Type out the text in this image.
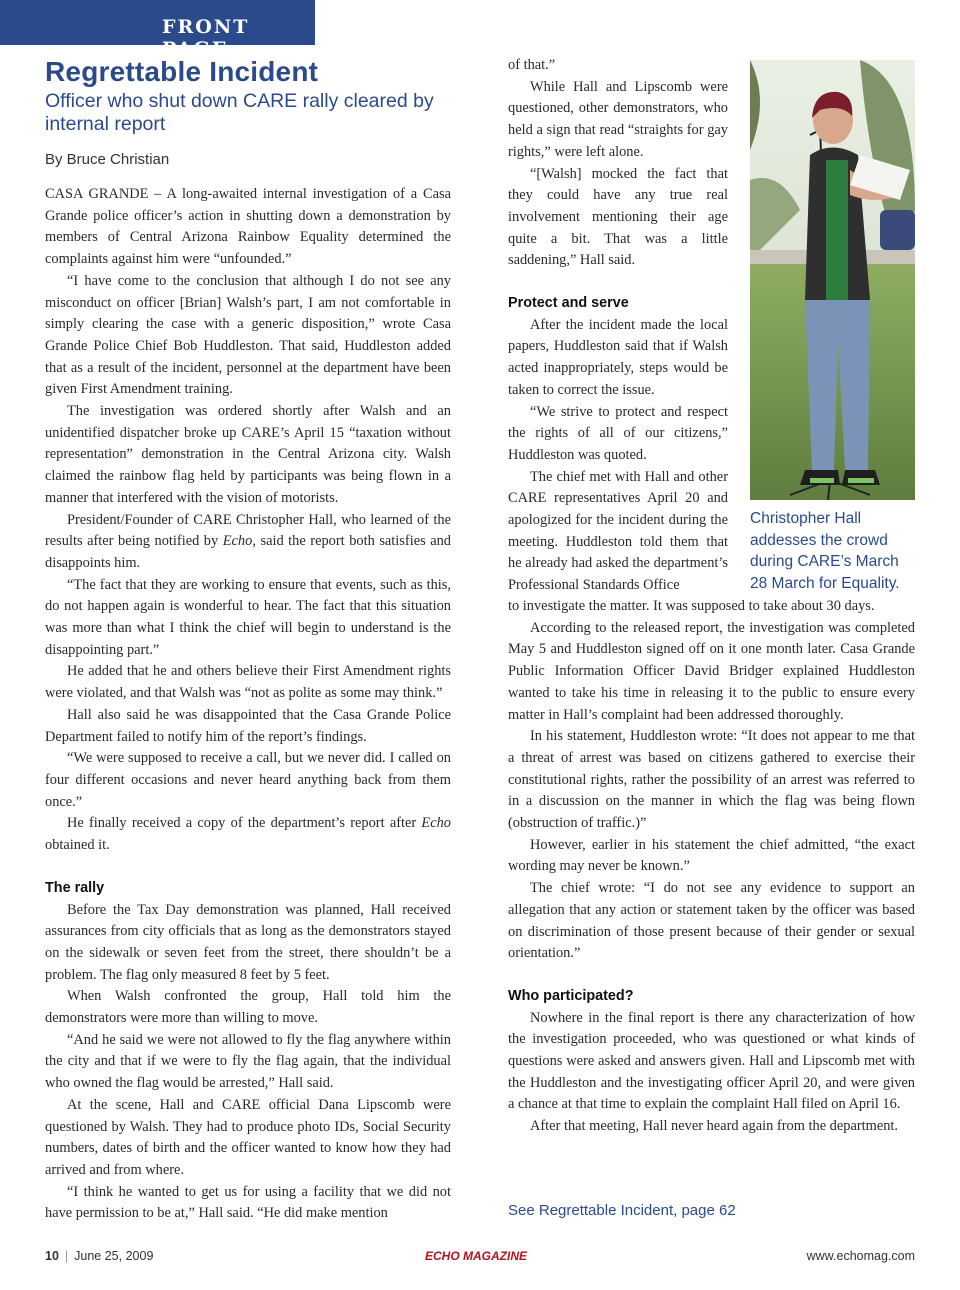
FRONT PAGE
Regrettable Incident
Officer who shut down CARE rally cleared by internal report
By Bruce Christian

CASA GRANDE – A long-awaited internal investigation of a Casa Grande police officer’s action in shutting down a demonstration by members of Central Arizona Rainbow Equality determined the complaints against him were “unfounded.”

“I have come to the conclusion that although I do not see any misconduct on officer [Brian] Walsh’s part, I am not comfortable in simply clearing the case with a generic disposition,” wrote Casa Grande Police Chief Bob Huddleston. That said, Huddleston added that as a result of the incident, personnel at the department have been given First Amendment training.

The investigation was ordered shortly after Walsh and an unidentified dispatcher broke up CARE’s April 15 “taxation without representation” demonstration in the Central Arizona city. Walsh claimed the rainbow flag held by participants was being flown in a manner that interfered with the vision of motorists.

President/Founder of CARE Christopher Hall, who learned of the results after being notified by Echo, said the report both satisfies and disappoints him.

“The fact that they are working to ensure that events, such as this, do not happen again is wonderful to hear. The fact that this situation was more than what I think the chief will begin to understand is the disappointing part.”

He added that he and others believe their First Amendment rights were violated, and that Walsh was “not as polite as some may think.”

Hall also said he was disappointed that the Casa Grande Police Department failed to notify him of the report’s findings.

“We were supposed to receive a call, but we never did. I called on four different occasions and never heard anything back from them once.”

He finally received a copy of the department’s report after Echo obtained it.

The rally

Before the Tax Day demonstration was planned, Hall received assurances from city officials that as long as the demonstrators stayed on the sidewalk or seven feet from the street, there shouldn’t be a problem. The flag only measured 8 feet by 5 feet.

When Walsh confronted the group, Hall told him the demonstrators were more than willing to move.

“And he said we were not allowed to fly the flag anywhere within the city and that if we were to fly the flag again, that the individual who owned the flag would be arrested,” Hall said.

At the scene, Hall and CARE official Dana Lipscomb were questioned by Walsh. They had to produce photo IDs, Social Security numbers, dates of birth and the officer wanted to know how they had arrived and from where.

“I think he wanted to get us for using a facility that we did not have permission to be at,” Hall said. “He did make mention

of that.”

While Hall and Lipscomb were questioned, other demonstrators, who held a sign that read “straights for gay rights,” were left alone.

“[Walsh] mocked the fact that they could have any true real involvement mentioning their age quite a bit. That was a little saddening,” Hall said.

Protect and serve

After the incident made the local papers, Huddleston said that if Walsh acted inappropriately, steps would be taken to correct the issue.

“We strive to protect and respect the rights of all of our citizens,” Huddleston was quoted.

The chief met with Hall and other CARE representatives April 20 and apologized for the incident during the meeting. Huddleston told them that he already had asked the department’s Professional Standards Office

Christopher Hall addesses the crowd during CARE’s March 28 March for Equality.

to investigate the matter. It was supposed to take about 30 days.

According to the released report, the investigation was completed May 5 and Huddleston signed off on it one month later. Casa Grande Public Information Officer David Bridger explained Huddleston wanted to take his time in releasing it to the public to ensure every matter in Hall’s complaint had been addressed thoroughly.

In his statement, Huddleston wrote: “It does not appear to me that a threat of arrest was based on citizens gathered to exercise their constitutional rights, rather the possibility of an arrest was referred to in a discussion on the manner in which the flag was being flown (obstruction of traffic.)”

However, earlier in his statement the chief admitted, “the exact wording may never be known.”

The chief wrote: “I do not see any evidence to support an allegation that any action or statement taken by the officer was based on discrimination of those present because of their gender or sexual orientation.”

Who participated?

Nowhere in the final report is there any characterization of how the investigation proceeded, who was questioned or what kinds of questions were asked and answers given. Hall and Lipscomb met with the Huddleston and the investigating officer April 20, and were given a chance at that time to explain the complaint Hall filed on April 16.

After that meeting, Hall never heard again from the department.

See Regrettable Incident, page 62
10 | June 25, 2009	ECHO MAGAZINE	www.echomag.com
